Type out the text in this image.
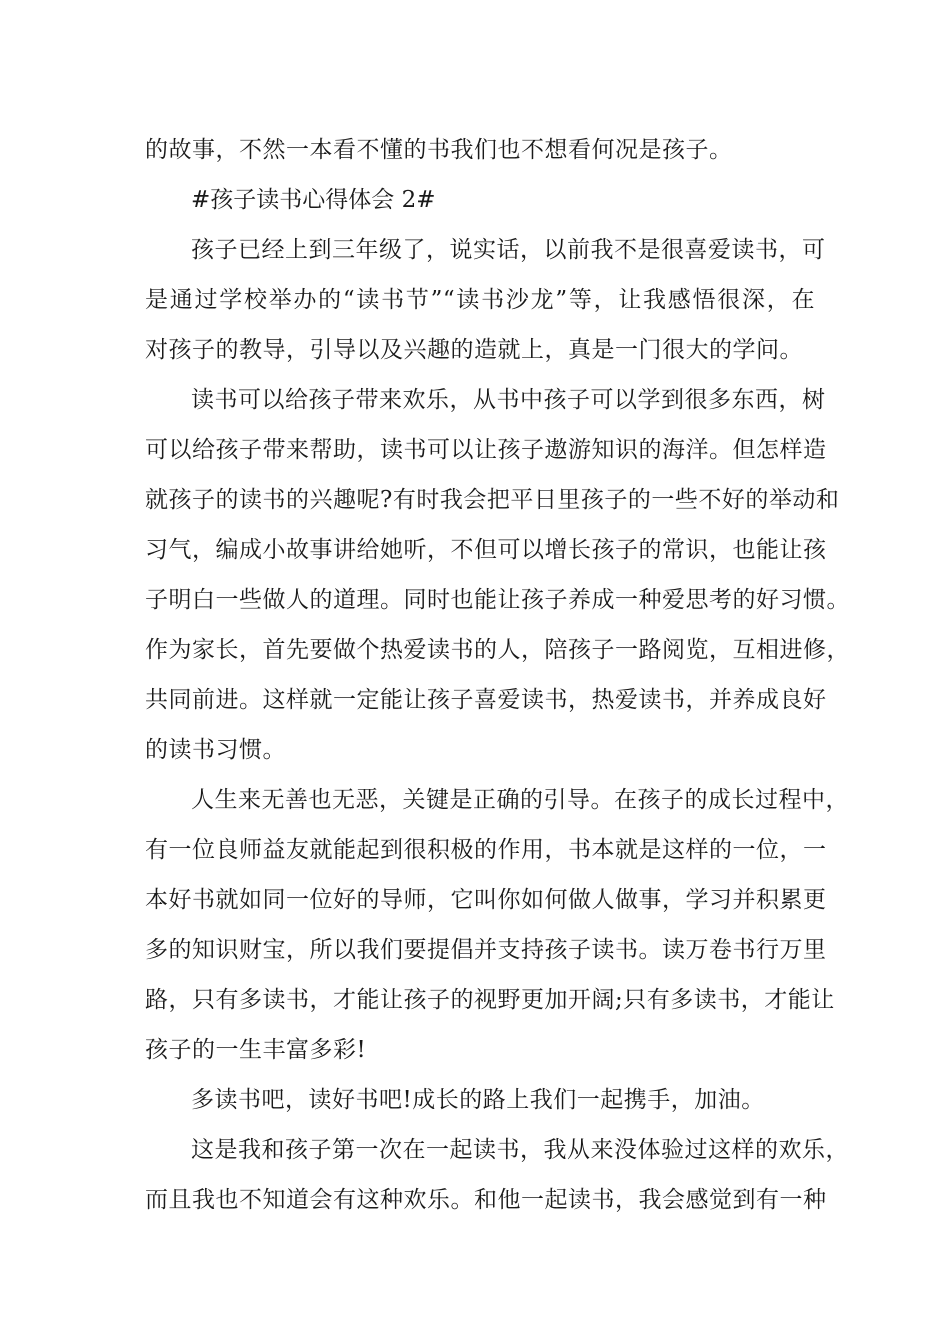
的故事，不然一本看不懂的书我们也不想看何况是孩子。
#孩子读书心得体会 2#
孩子已经上到三年级了，说实话，以前我不是很喜爱读书，可
是通过学校举办的“读书节”“读书沙龙”等，让我感悟很深，在
对孩子的教导，引导以及兴趣的造就上，真是一门很大的学问。
读书可以给孩子带来欢乐，从书中孩子可以学到很多东西，树
可以给孩子带来帮助，读书可以让孩子遨游知识的海洋。但怎样造
就孩子的读书的兴趣呢?有时我会把平日里孩子的一些不好的举动和
习气，编成小故事讲给她听，不但可以增长孩子的常识，也能让孩
子明白一些做人的道理。同时也能让孩子养成一种爱思考的好习惯。
作为家长，首先要做个热爱读书的人，陪孩子一路阅览，互相进修，
共同前进。这样就一定能让孩子喜爱读书，热爱读书，并养成良好
的读书习惯。
人生来无善也无恶，关键是正确的引导。在孩子的成长过程中，
有一位良师益友就能起到很积极的作用，书本就是这样的一位，一
本好书就如同一位好的导师，它叫你如何做人做事，学习并积累更
多的知识财宝，所以我们要提倡并支持孩子读书。读万卷书行万里
路，只有多读书，才能让孩子的视野更加开阔;只有多读书，才能让
孩子的一生丰富多彩!
多读书吧，读好书吧!成长的路上我们一起携手，加油。
这是我和孩子第一次在一起读书，我从来没体验过这样的欢乐，
而且我也不知道会有这种欢乐。和他一起读书，我会感觉到有一种
